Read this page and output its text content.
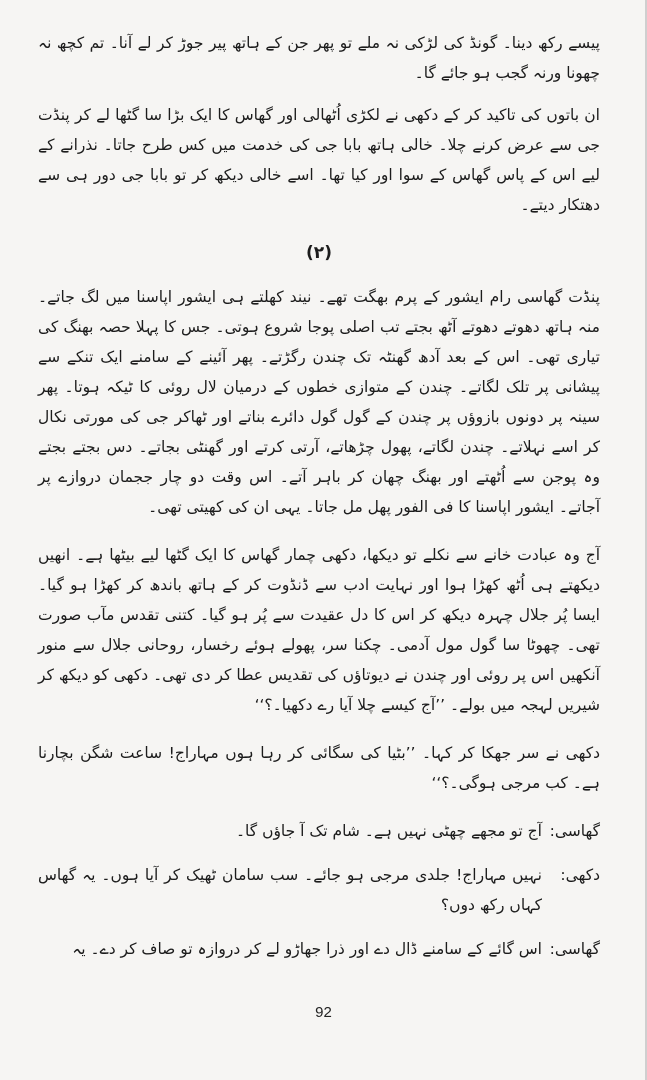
پیسے رکھ دینا۔ گونڈ کی لڑکی نہ ملے تو پھر جن کے ہاتھ پیر جوڑ کر لے آنا۔ تم کچھ نہ چھونا ورنہ گجب ہو جائے گا۔

ان باتوں کی تاکید کر کے دکھی نے لکڑی اُٹھالی اور گھاس کا ایک بڑا سا گٹھا لے کر پنڈت جی سے عرض کرنے چلا۔ خالی ہاتھ بابا جی کی خدمت میں کس طرح جاتا۔ نذرانے کے لیے اس کے پاس گھاس کے سوا اور کیا تھا۔ اسے خالی دیکھ کر تو بابا جی دور ہی سے دھتکار دیتے۔

(۲)

پنڈت گھاسی رام ایشور کے پرم بھگت تھے۔ نیند کھلتے ہی ایشور اپاسنا میں لگ جاتے۔ منہ ہاتھ دھوتے دھوتے آٹھ بجتے تب اصلی پوجا شروع ہوتی۔ جس کا پہلا حصہ بھنگ کی تیاری تھی۔ اس کے بعد آدھ گھنٹہ تک چندن رگڑتے۔ پھر آئینے کے سامنے ایک تنکے سے پیشانی پر تلک لگاتے۔ چندن کے متوازی خطوں کے درمیان لال روئی کا ٹیکہ ہوتا۔ پھر سینہ پر دونوں بازوؤں پر چندن کے گول گول دائرے بناتے اور ٹھاکر جی کی مورتی نکال کر اسے نہلاتے۔ چندن لگاتے، پھول چڑھاتے، آرتی کرتے اور گھنٹی بجاتے۔ دس بجتے بجتے وہ پوجن سے اُٹھتے اور بھنگ چھان کر باہر آتے۔ اس وقت دو چار ججمان دروازے پر آجاتے۔ ایشور اپاسنا کا فی الفور پھل مل جاتا۔ یہی ان کی کھیتی تھی۔

آج وہ عبادت خانے سے نکلے تو دیکھا، دکھی چمار گھاس کا ایک گٹھا لیے بیٹھا ہے۔ انھیں دیکھتے ہی اُٹھ کھڑا ہوا اور نہایت ادب سے ڈنڈوت کر کے ہاتھ باندھ کر کھڑا ہو گیا۔ ایسا پُر جلال چہرہ دیکھ کر اس کا دل عقیدت سے پُر ہو گیا۔ کتنی تقدس مآب صورت تھی۔ چھوٹا سا گول مول آدمی۔ چکنا سر، پھولے ہوئے رخسار، روحانی جلال سے منور آنکھیں اس پر روئی اور چندن نے دیوتاؤں کی تقدیس عطا کر دی تھی۔ دکھی کو دیکھ کر شیریں لہجہ میں بولے۔ ’’آج کیسے چلا آیا رے دکھیا۔؟‘‘

دکھی نے سر جھکا کر کہا۔ ’’بٹیا کی سگائی کر رہا ہوں مہاراج! ساعت شگن بچارنا ہے۔ کب مرجی ہوگی۔؟‘‘

گھاسی:
آج تو مجھے چھٹی نہیں ہے۔ شام تک آ جاؤں گا۔
دکھی:
نہیں مہاراج! جلدی مرجی ہو جائے۔ سب سامان ٹھیک کر آیا ہوں۔ یہ گھاس کہاں رکھ دوں؟
گھاسی:
اس گائے کے سامنے ڈال دے اور ذرا جھاڑو لے کر دروازہ تو صاف کر دے۔ یہ
92
